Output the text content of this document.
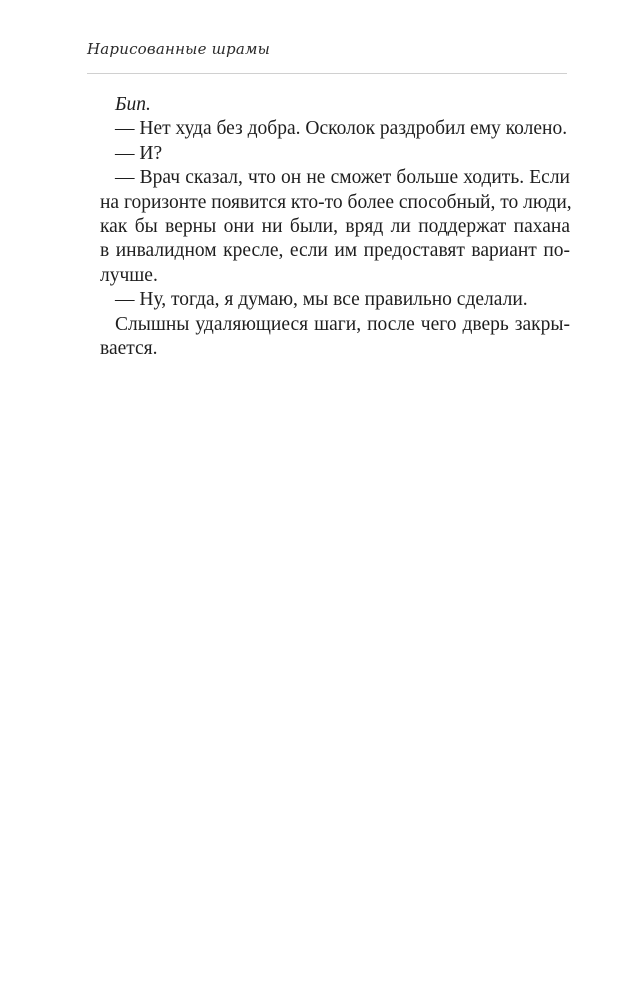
Нарисованные шрамы
Бип.
— Нет худа без добра. Осколок раздробил ему колено.
— И?
— Врач сказал, что он не сможет больше ходить. Если
на горизонте появится кто-то более способный, то люди,
как бы верны они ни были, вряд ли поддержат пахана
в инвалидном кресле, если им предоставят вариант по-
лучше.
— Ну, тогда, я думаю, мы все правильно сделали.
Слышны удаляющиеся шаги, после чего дверь закры-
вается.
